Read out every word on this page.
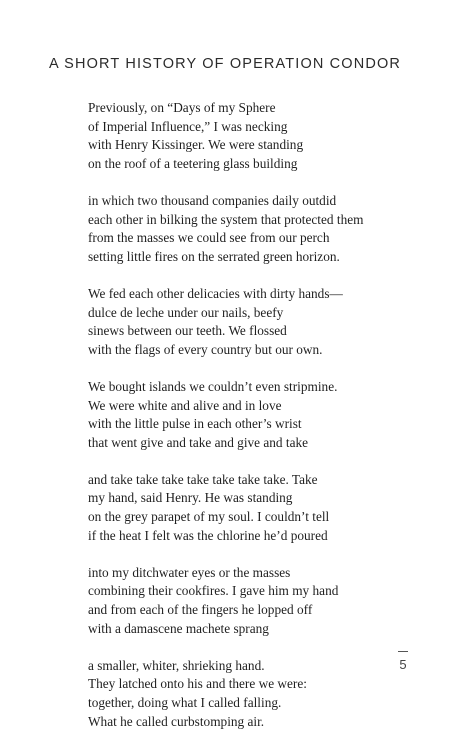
A SHORT HISTORY OF OPERATION CONDOR
Previously, on “Days of my Sphere
of Imperial Influence,” I was necking
with Henry Kissinger. We were standing
on the roof of a teetering glass building
in which two thousand companies daily outdid
each other in bilking the system that protected them
from the masses we could see from our perch
setting little fires on the serrated green horizon.
We fed each other delicacies with dirty hands—
dulce de leche under our nails, beefy
sinews between our teeth. We flossed
with the flags of every country but our own.
We bought islands we couldn’t even stripmine.
We were white and alive and in love
with the little pulse in each other’s wrist
that went give and take and give and take
and take take take take take take take. Take
my hand, said Henry. He was standing
on the grey parapet of my soul. I couldn’t tell
if the heat I felt was the chlorine he’d poured
into my ditchwater eyes or the masses
combining their cookfires. I gave him my hand
and from each of the fingers he lopped off
with a damascene machete sprang
a smaller, whiter, shrieking hand.
They latched onto his and there we were:
together, doing what I called falling.
What he called curbstomping air.
5
